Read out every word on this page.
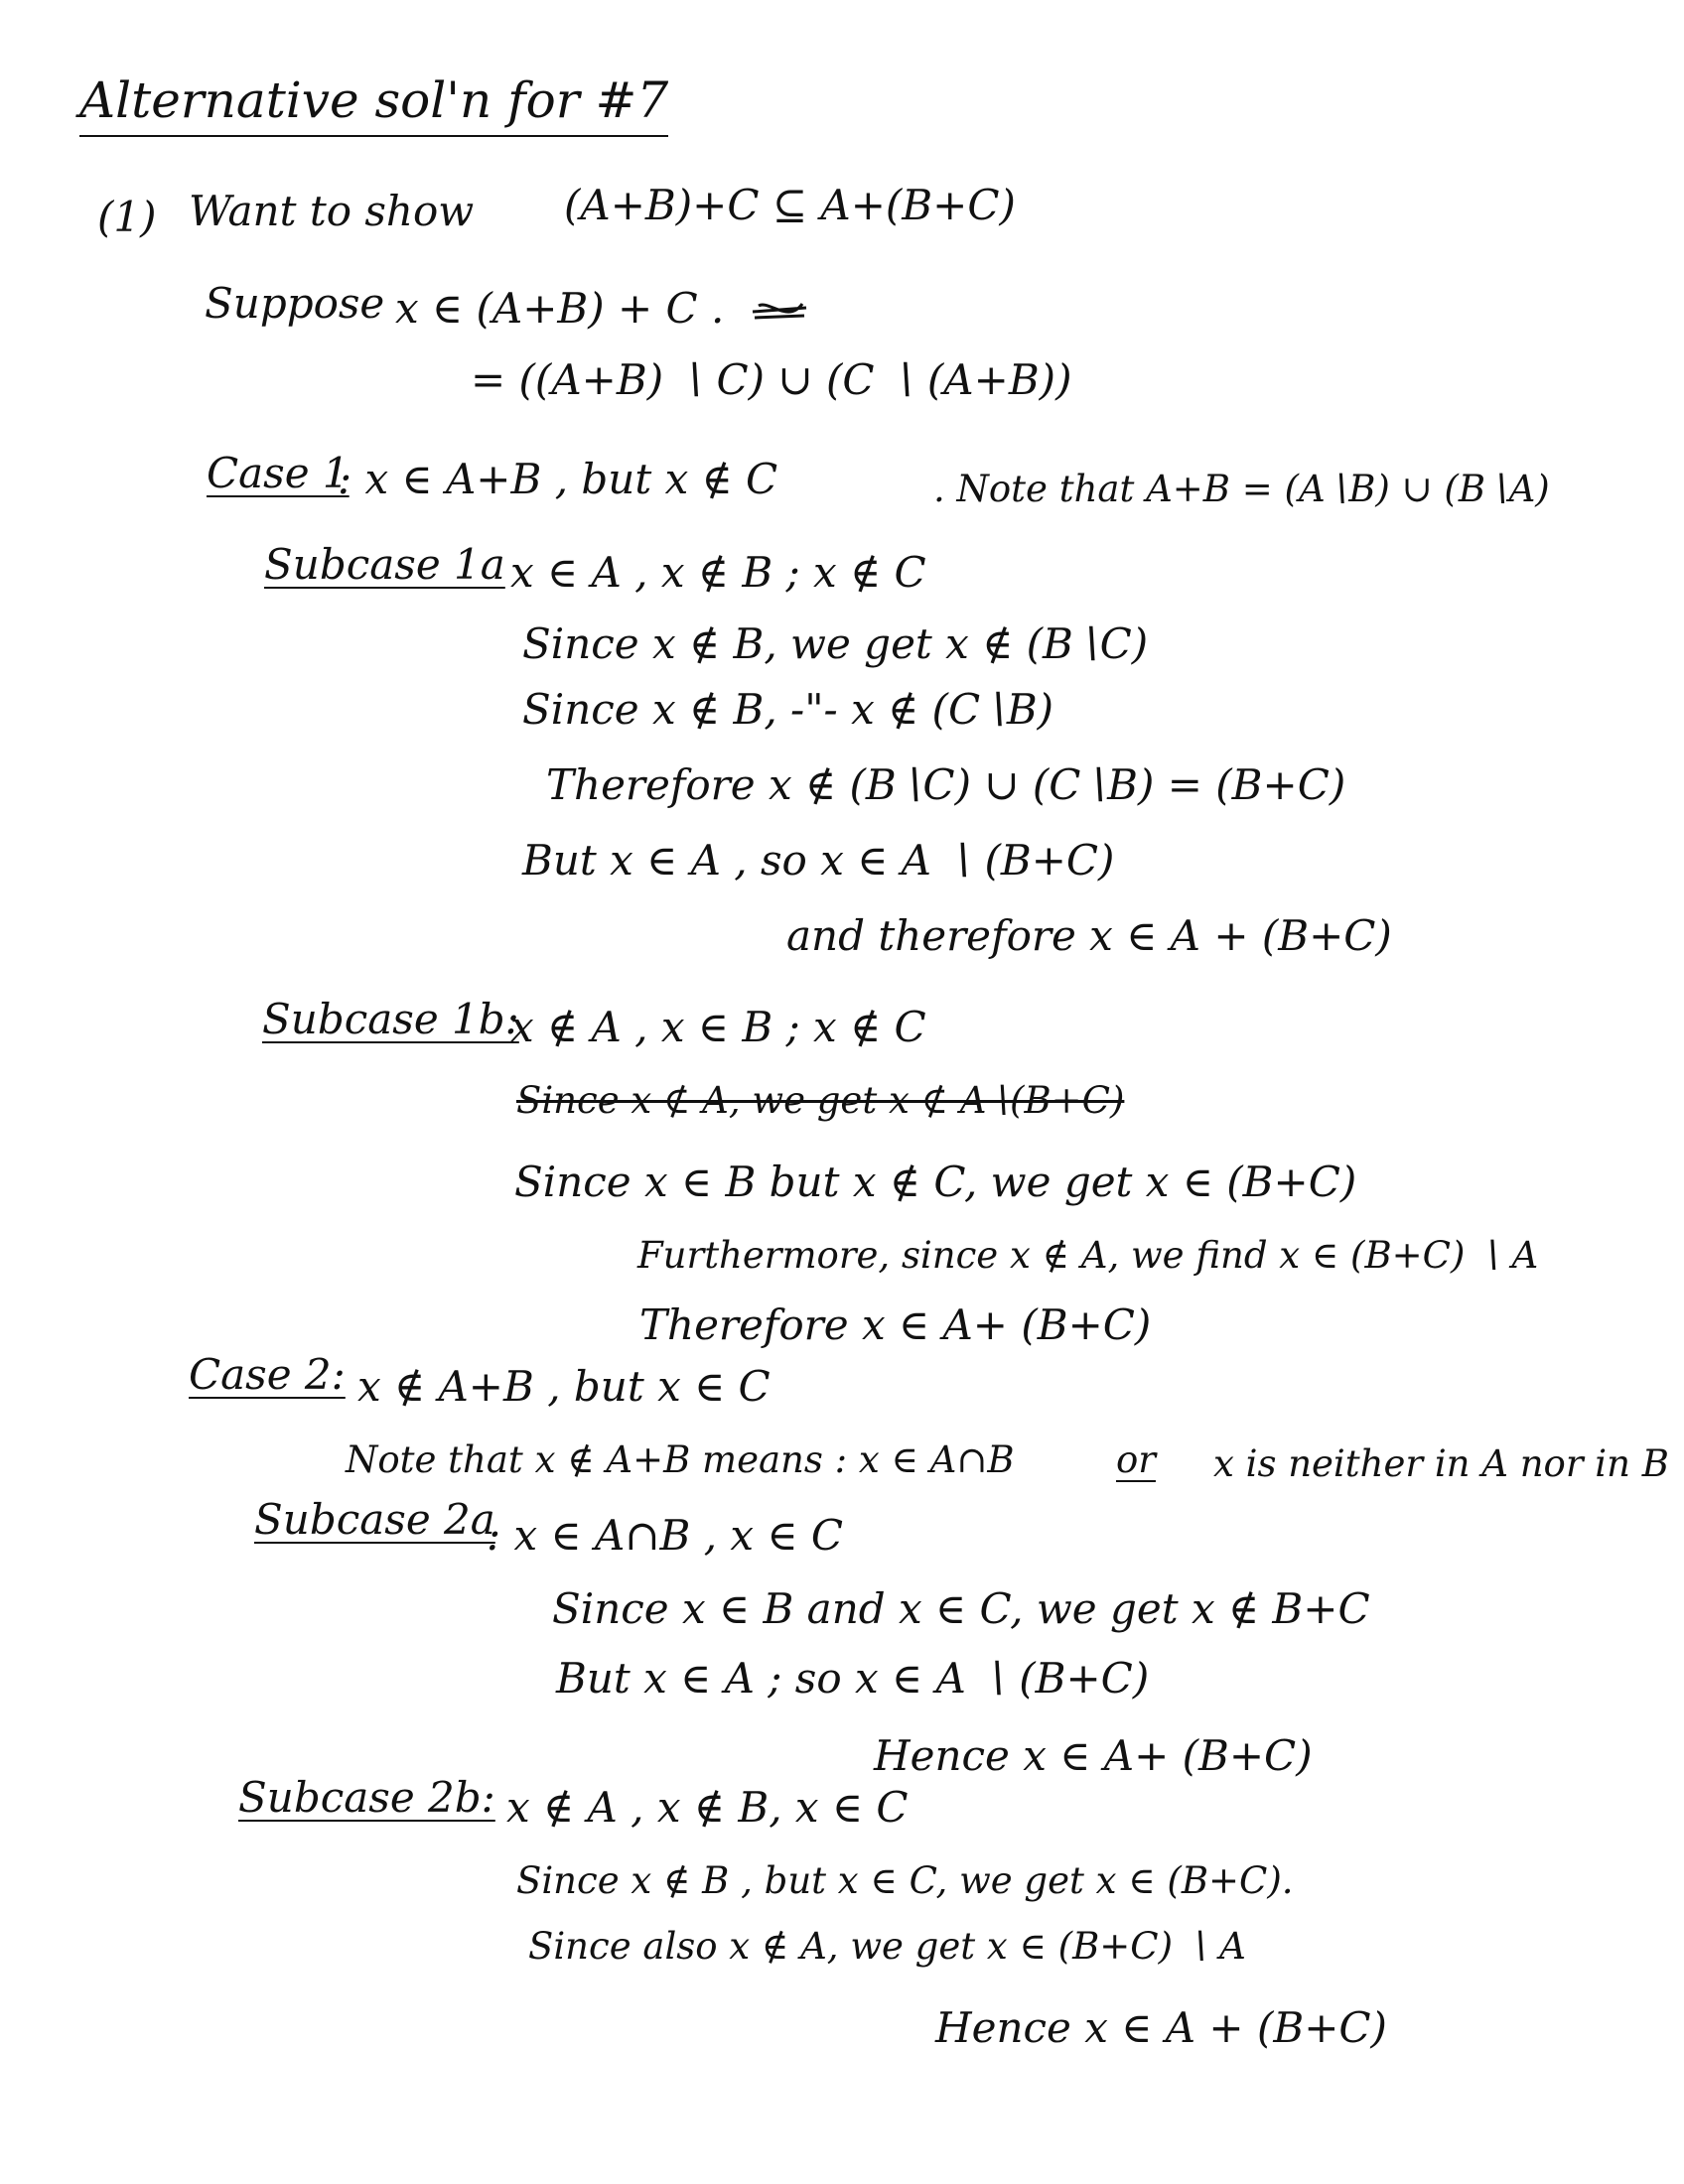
Alternative sol'n for #7
(1) Want to show (A+B)+C ⊆ A+(B+C)
Suppose x ∈ (A+B) + C .
= ((A+B) ∖ C) ∪ (C ∖ (A+B))
Case 1
: x ∈ A+B , but x ∉ C	. Note that A+B = (A∖B) ∪ (B∖A)
Subcase 1a x ∈ A , x ∉ B ; x ∉ C
Since x ∉ B, we get x ∉ (B∖C)
Since x ∉ B, -"- x ∉ (C∖B)
Therefore x ∉ (B∖C) ∪ (C∖B) = (B+C)
But x ∈ A , so x ∈ A ∖ (B+C)
and therefore x ∈ A + (B+C)
Subcase 1b:
x ∉ A , x ∈ B ; x ∉ C
Since x ∉ A, we get x ∉ A∖(B+C)
Since x ∈ B but x ∉ C, we get x ∈ (B+C)
Furthermore, since x ∉ A, we find x ∈ (B+C) ∖ A
Therefore x ∈ A+ (B+C)
Case 2: x ∉ A+B , but x ∈ C
Note that x ∉ A+B means : x ∈ A∩B	or x is neither in A nor in B
Subcase 2a
: x ∈ A∩B , x ∈ C
Since x ∈ B and x ∈ C, we get x ∉ B+C
But x ∈ A ; so x ∈ A ∖ (B+C)
Hence x ∈ A+ (B+C)
Subcase 2b: x ∉ A , x ∉ B, x ∈ C
Since x ∉ B , but x ∈ C, we get x ∈ (B+C).
Since also x ∉ A, we get x ∈ (B+C) ∖ A
Hence x ∈ A + (B+C)
